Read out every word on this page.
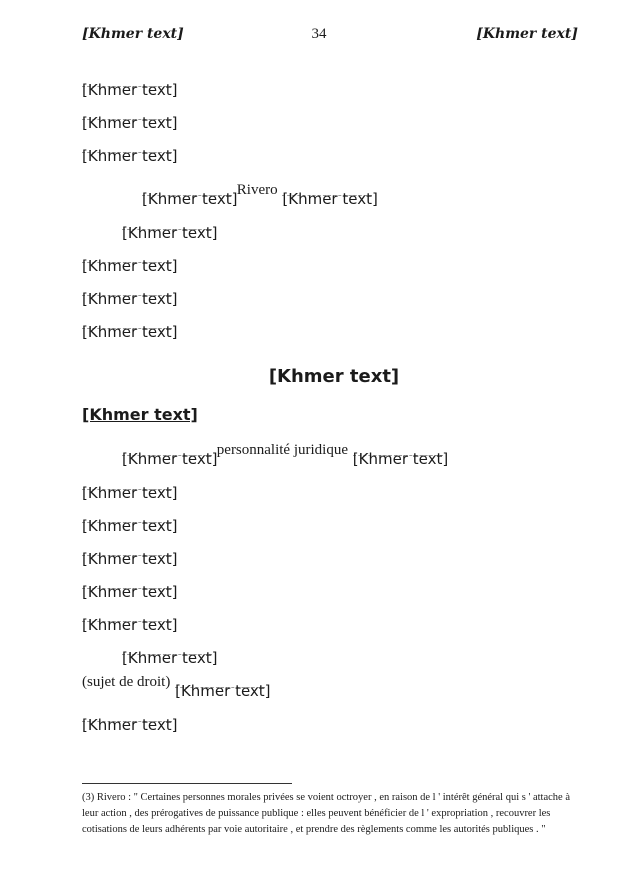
[Khmer text]	34	[Khmer text]
[Khmer text]
[Khmer text]
[Khmer text]
[Khmer text] Rivero [Khmer text]
[Khmer text]
[Khmer text]
[Khmer text]
[Khmer text]
[Khmer text]
[Khmer text]
[Khmer text] personnalité juridique [Khmer text]
[Khmer text]
[Khmer text]
[Khmer text]
[Khmer text]
[Khmer text]
[Khmer text]
(sujet de droit) [Khmer text]
[Khmer text]
(3) Rivero : " Certaines personnes morales privées se voient octroyer , en raison de l ' intérêt général qui s ' attache à leur action , des prérogatives de puissance publique : elles peuvent bénéficier de l ' expropriation , recouvrer les cotisations de leurs adhérents par voie autoritaire , et prendre des règlements comme les autorités publiques . "
